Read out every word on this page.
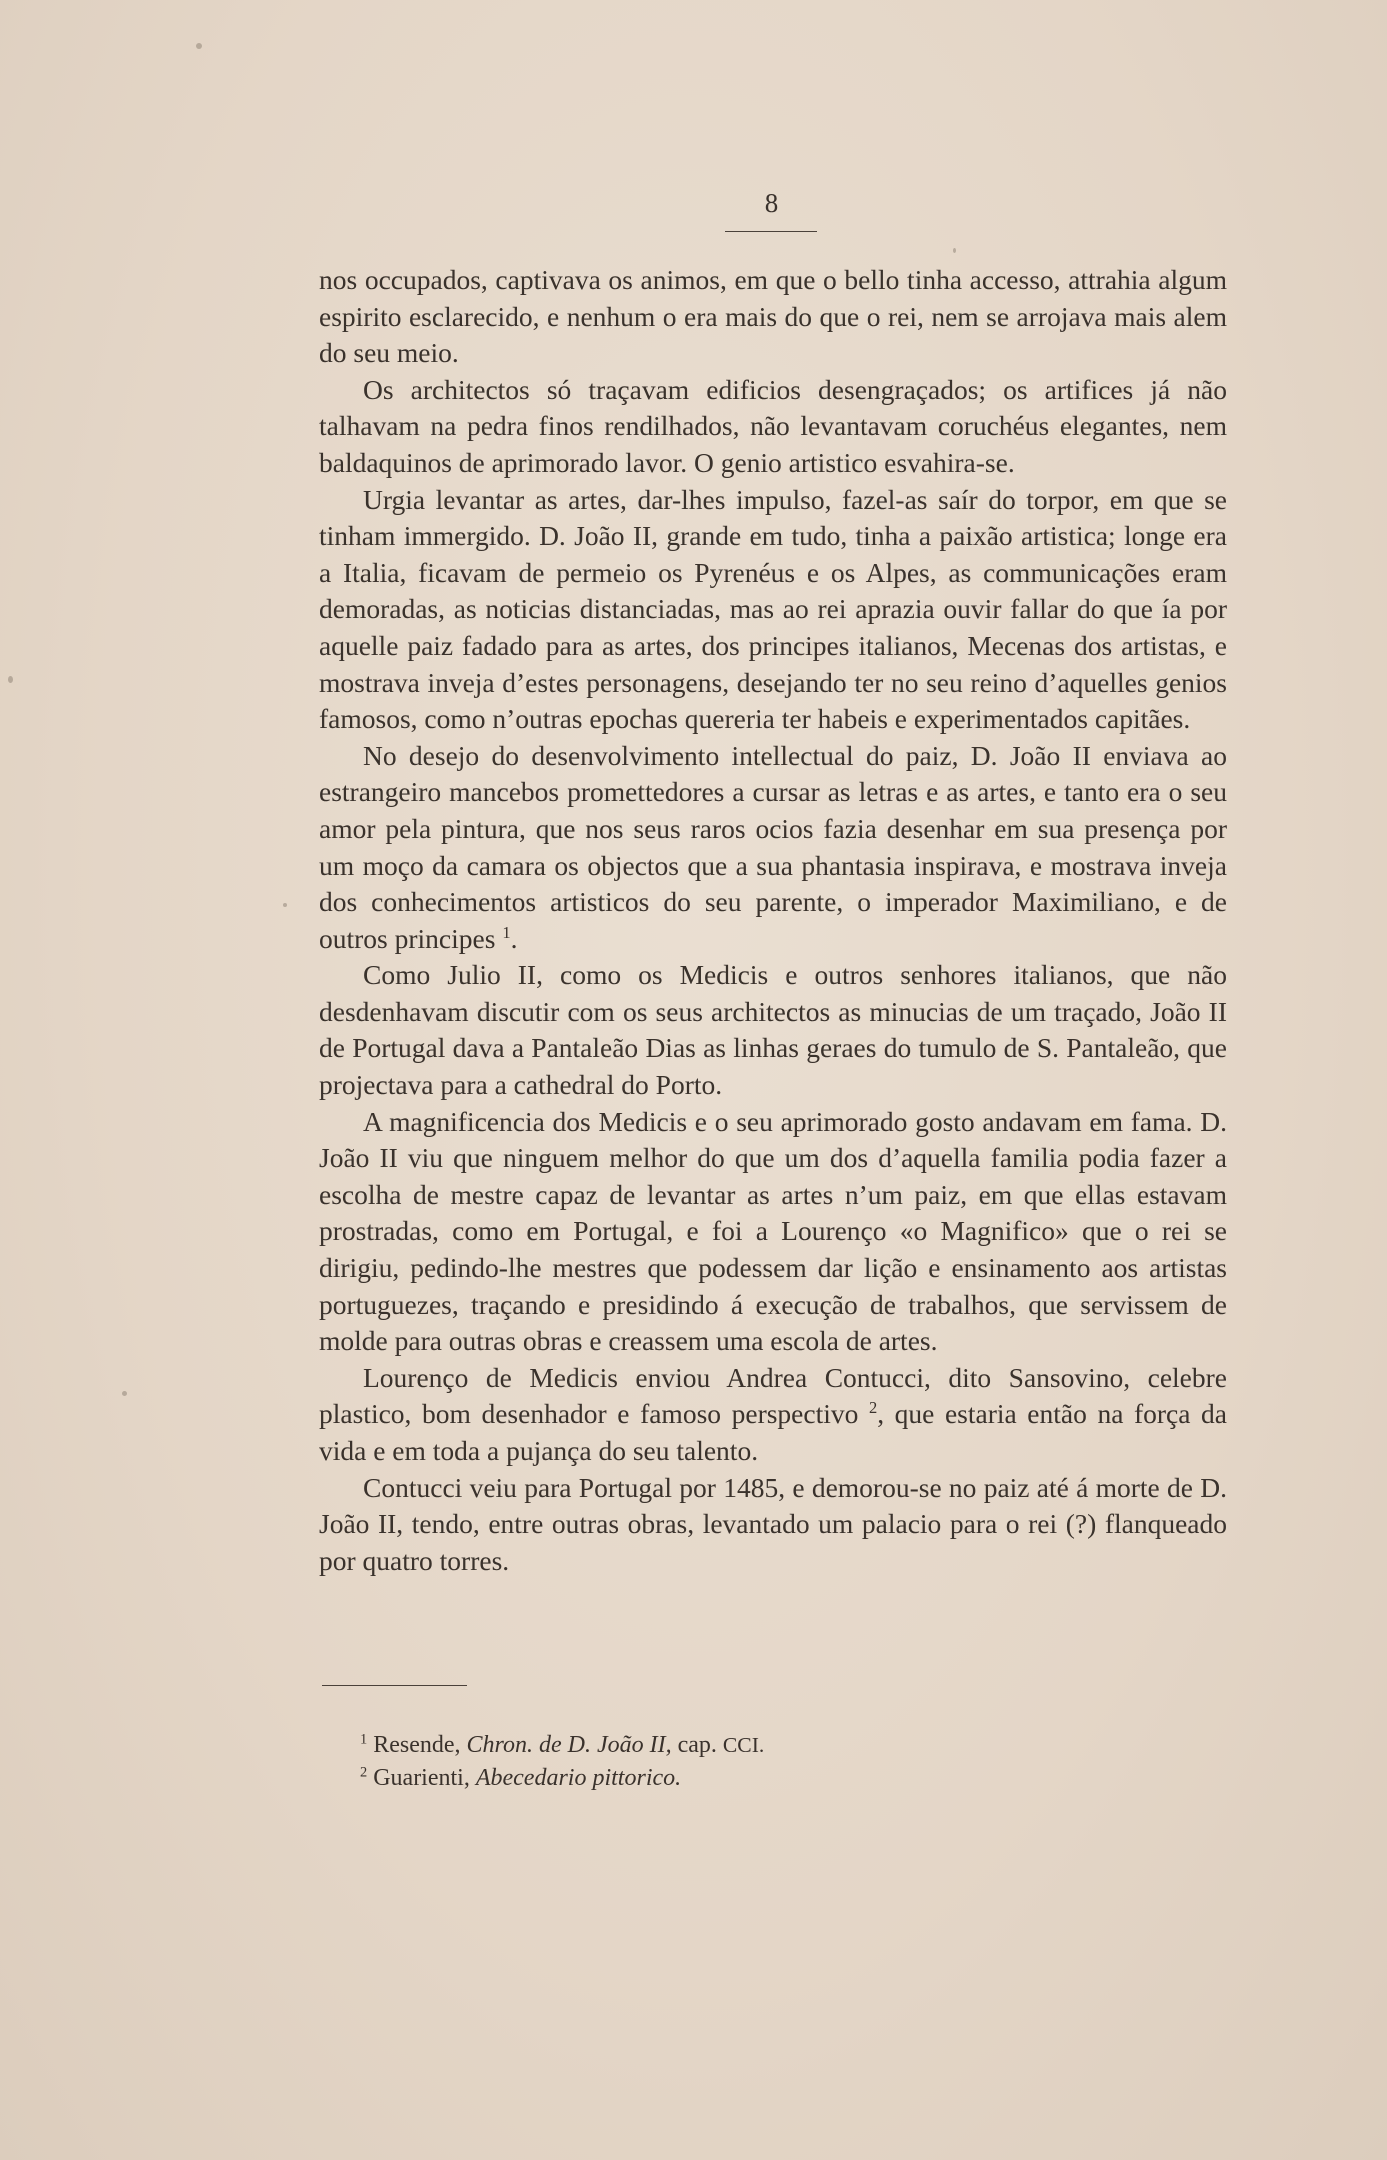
8

nos occupados, captivava os animos, em que o bello tinha accesso, attrahia algum espirito esclarecido, e nenhum o era mais do que o rei, nem se arrojava mais alem do seu meio.

Os architectos só traçavam edificios desengraçados; os artifices já não talhavam na pedra finos rendilhados, não levantavam coruchéus elegantes, nem baldaquinos de aprimorado lavor. O genio artistico esvahira-se.

Urgia levantar as artes, dar-lhes impulso, fazel-as saír do torpor, em que se tinham immergido. D. João II, grande em tudo, tinha a paixão artistica; longe era a Italia, ficavam de permeio os Pyrenéus e os Alpes, as communicações eram demoradas, as noticias distanciadas, mas ao rei aprazia ouvir fallar do que ía por aquelle paiz fadado para as artes, dos principes italianos, Mecenas dos artistas, e mostrava inveja d’estes personagens, desejando ter no seu reino d’aquelles genios famosos, como n’outras epochas quereria ter habeis e experimentados capitães.

No desejo do desenvolvimento intellectual do paiz, D. João II enviava ao estrangeiro mancebos promettedores a cursar as letras e as artes, e tanto era o seu amor pela pintura, que nos seus raros ocios fazia desenhar em sua presença por um moço da camara os objectos que a sua phantasia inspirava, e mostrava inveja dos conhecimentos artisticos do seu parente, o imperador Maximiliano, e de outros principes $^1$.

Como Julio II, como os Medicis e outros senhores italianos, que não desdenhavam discutir com os seus architectos as minucias de um traçado, João II de Portugal dava a Pantaleão Dias as linhas geraes do tumulo de S. Pantaleão, que projectava para a cathedral do Porto.

A magnificencia dos Medicis e o seu aprimorado gosto andavam em fama. D. João II viu que ninguem melhor do que um dos d’aquella familia podia fazer a escolha de mestre capaz de levantar as artes n’um paiz, em que ellas estavam prostradas, como em Portugal, e foi a Lourenço «o Magnifico» que o rei se dirigiu, pedindo-lhe mestres que podessem dar lição e ensinamento aos artistas portuguezes, traçando e presidindo á execução de trabalhos, que servissem de molde para outras obras e creassem uma escola de artes.

Lourenço de Medicis enviou Andrea Contucci, dito Sansovino, celebre plastico, bom desenhador e famoso perspectivo $^2$, que estaria então na força da vida e em toda a pujança do seu talento.

Contucci veiu para Portugal por 1485, e demorou-se no paiz até á morte de D. João II, tendo, entre outras obras, levantado um palacio para o rei (?) flanqueado por quatro torres.

$^1$ Resende, Chron. de D. João II, cap. CCI.

$^2$ Guarienti, Abecedario pittorico.
